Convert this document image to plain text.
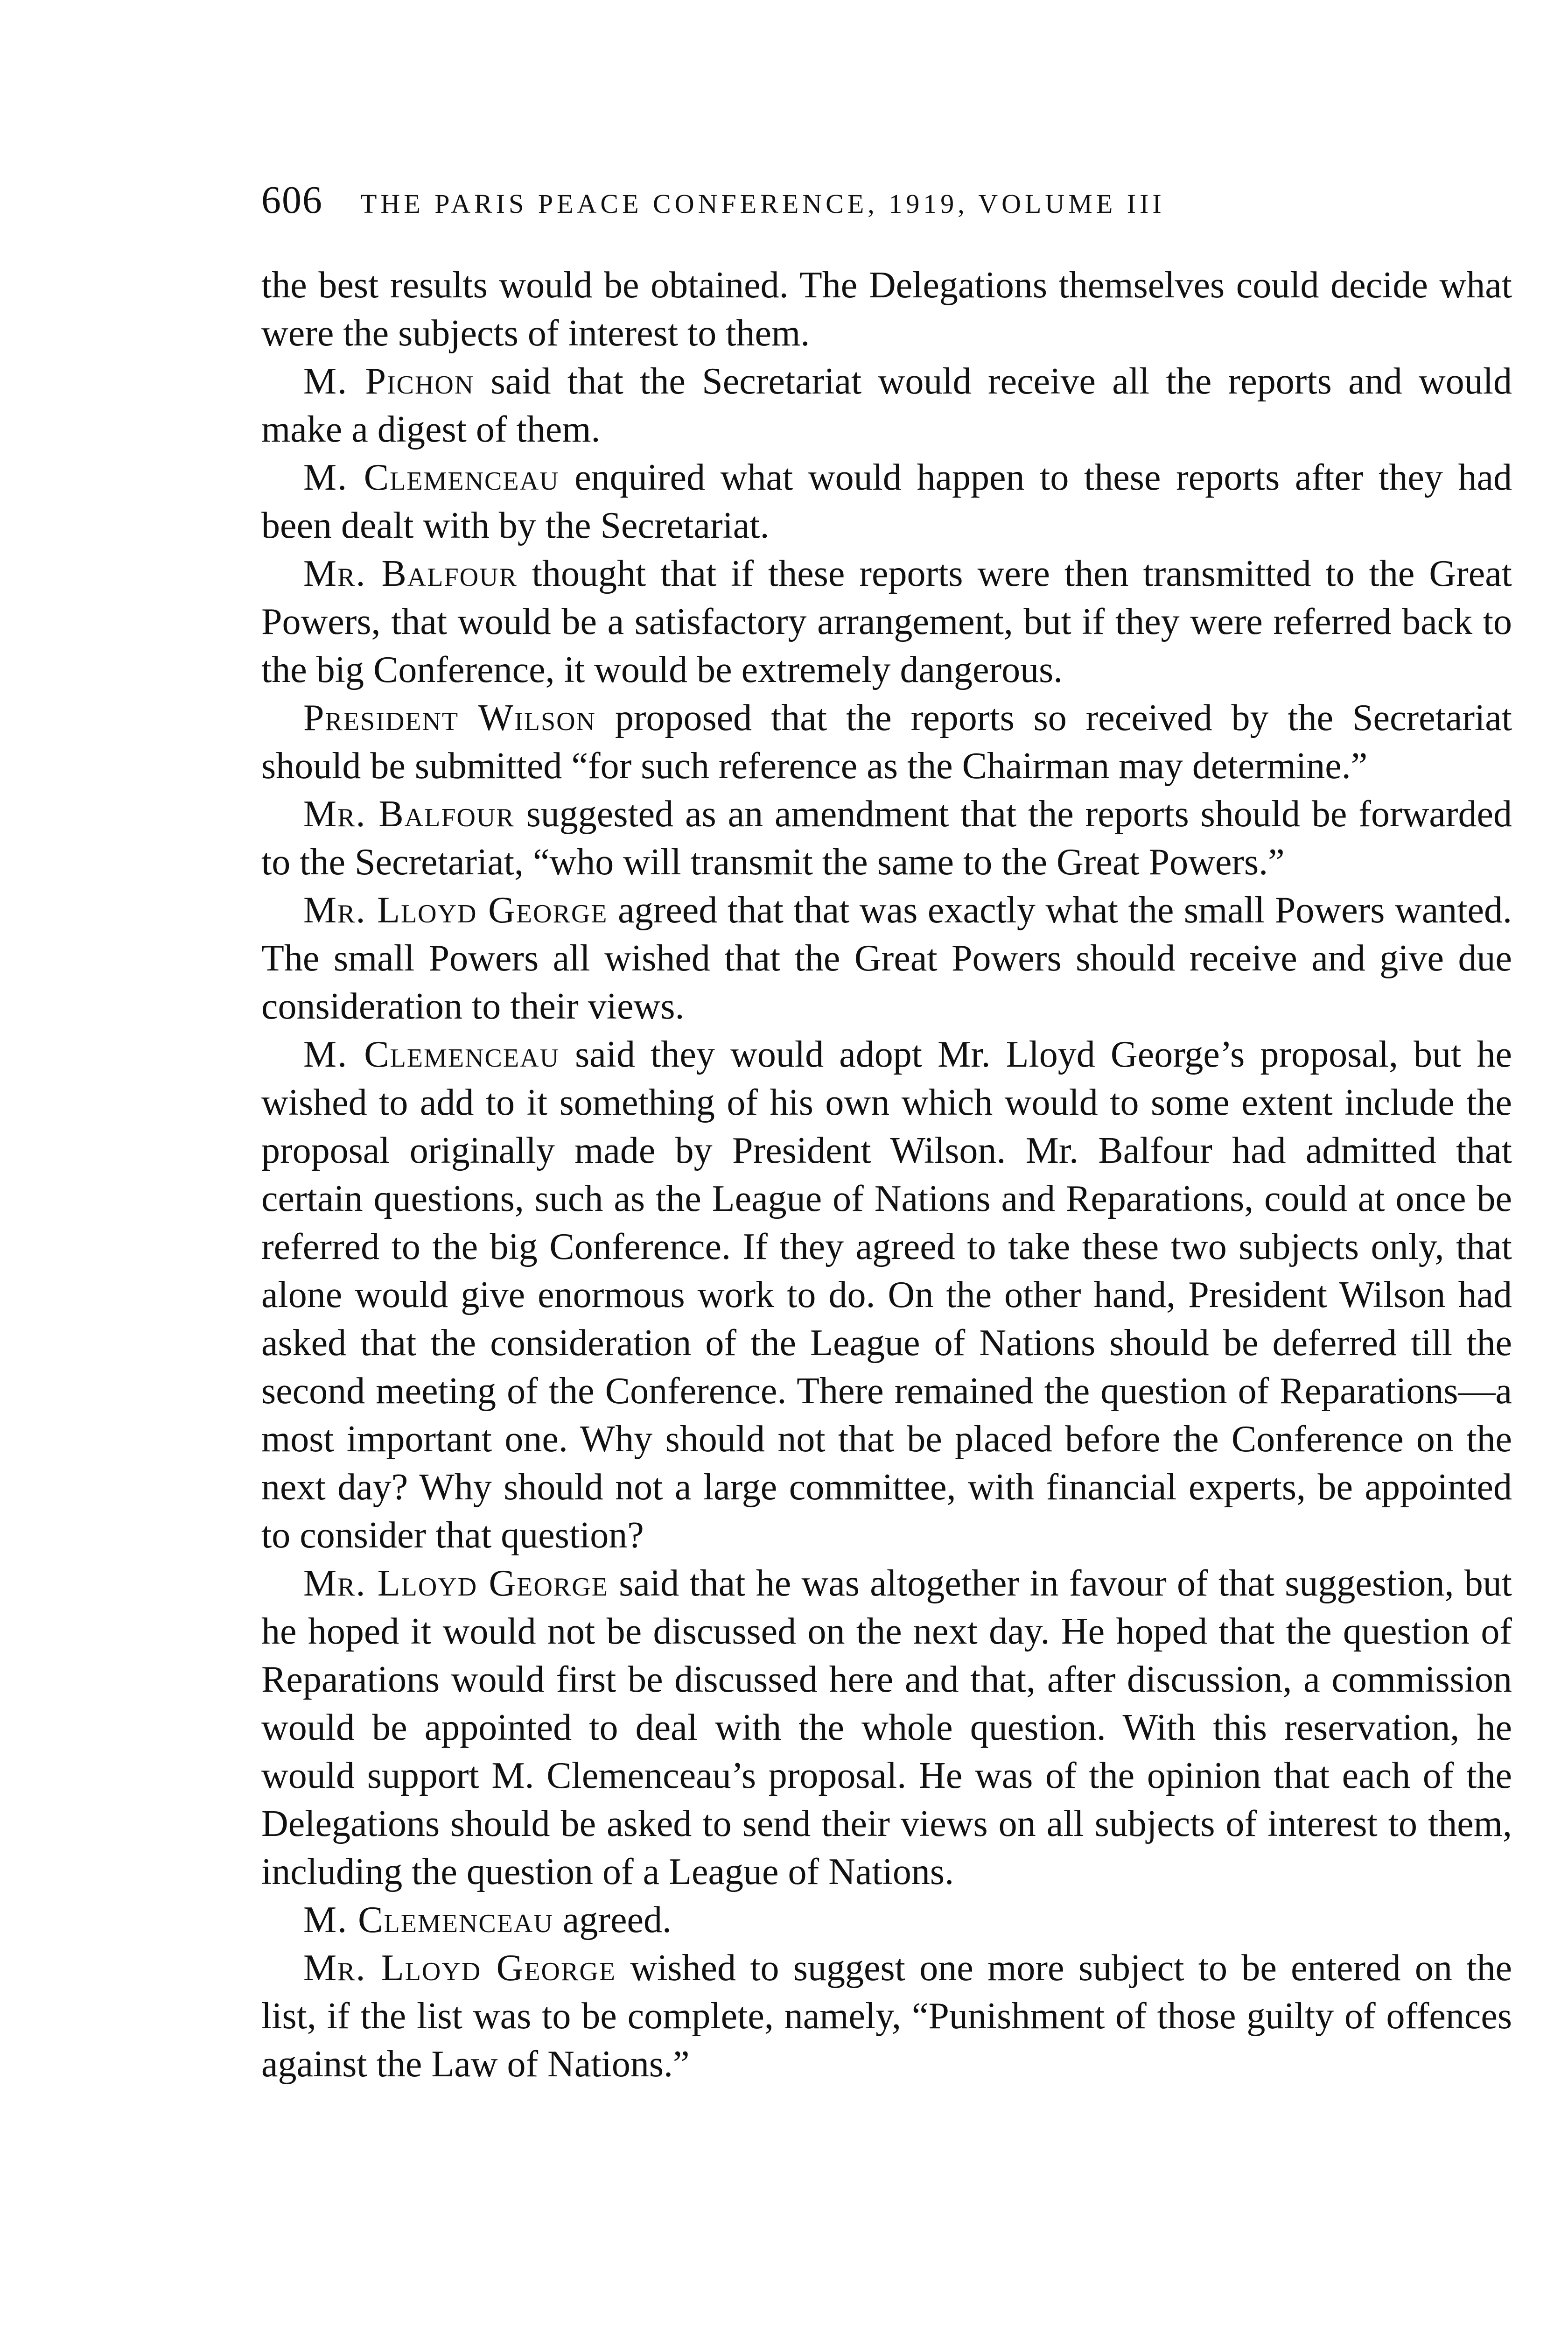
606 THE PARIS PEACE CONFERENCE, 1919, VOLUME III

the best results would be obtained. The Delegations themselves could decide what were the subjects of interest to them.

M. Pichon said that the Secretariat would receive all the reports and would make a digest of them.

M. Clemenceau enquired what would happen to these reports after they had been dealt with by the Secretariat.

Mr. Balfour thought that if these reports were then transmitted to the Great Powers, that would be a satisfactory arrangement, but if they were referred back to the big Conference, it would be extremely dangerous.

President Wilson proposed that the reports so received by the Secretariat should be submitted “for such reference as the Chairman may determine.”

Mr. Balfour suggested as an amendment that the reports should be forwarded to the Secretariat, “who will transmit the same to the Great Powers.”

Mr. Lloyd George agreed that that was exactly what the small Powers wanted. The small Powers all wished that the Great Powers should receive and give due consideration to their views.

M. Clemenceau said they would adopt Mr. Lloyd George’s proposal, but he wished to add to it something of his own which would to some extent include the proposal originally made by President Wilson. Mr. Balfour had admitted that certain questions, such as the League of Nations and Reparations, could at once be referred to the big Conference. If they agreed to take these two subjects only, that alone would give enormous work to do. On the other hand, President Wilson had asked that the consideration of the League of Nations should be deferred till the second meeting of the Conference. There remained the question of Reparations—a most important one. Why should not that be placed before the Conference on the next day? Why should not a large committee, with financial experts, be appointed to consider that question?

Mr. Lloyd George said that he was altogether in favour of that suggestion, but he hoped it would not be discussed on the next day. He hoped that the question of Reparations would first be discussed here and that, after discussion, a commission would be appointed to deal with the whole question. With this reservation, he would support M. Clemenceau’s proposal. He was of the opinion that each of the Delegations should be asked to send their views on all subjects of interest to them, including the question of a League of Nations.

M. Clemenceau agreed.

Mr. Lloyd George wished to suggest one more subject to be entered on the list, if the list was to be complete, namely, “Punishment of those guilty of offences against the Law of Nations.”
